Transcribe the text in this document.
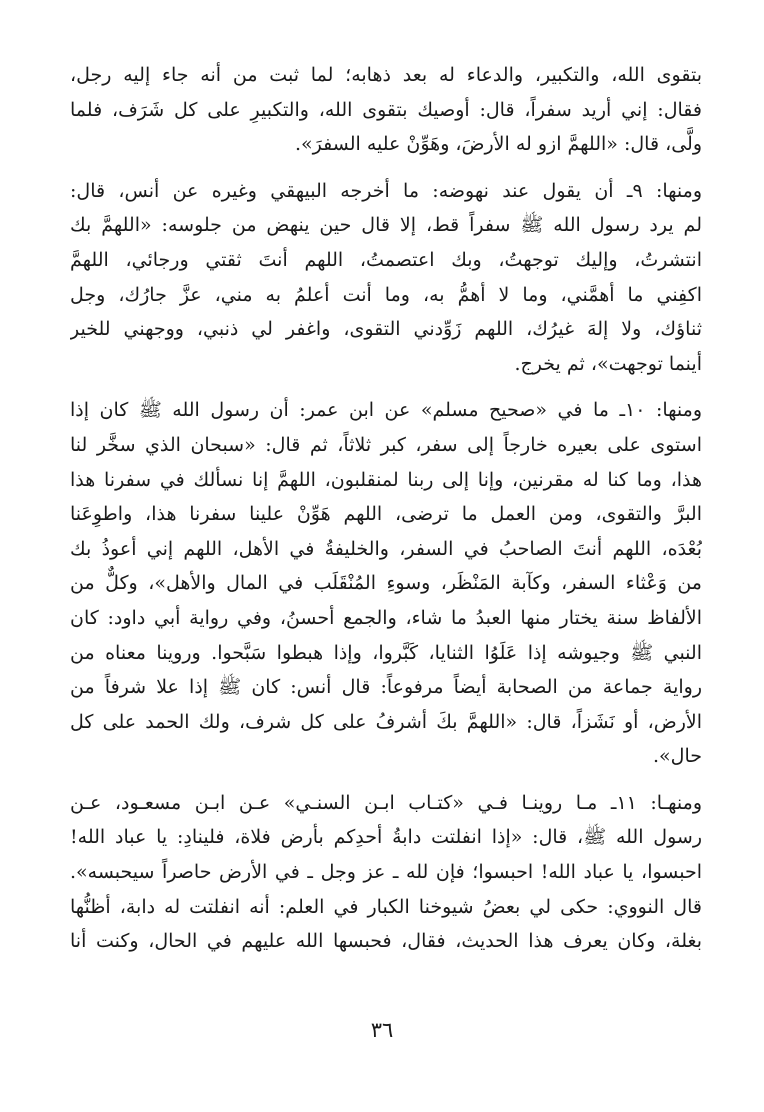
بتقوى الله، والتكبير، والدعاء له بعد ذهابه؛ لما ثبت من أنه جاء إليه رجل،
فقال: إني أريد سفراً، قال: أوصيك بتقوى الله، والتكبيرِ على كل شَرَف، فلما
ولَّى، قال: «اللهمَّ ازو له الأرضَ، وهَوِّنْ عليه السفرَ».

ومنها: ٩ـ أن يقول عند نهوضه: ما أخرجه البيهقي وغيره عن أنس، قال:
لم يرد رسول الله ﷺ سفراً قط، إلا قال حين ينهض من جلوسه: «اللهمَّ بك
انتشرتُ، وإليك توجهتُ، وبك اعتصمتُ، اللهم أنتَ ثقتي ورجائي، اللهمَّ
اكفِني ما أهمَّني، وما لا أهمُّ به، وما أنت أعلمُ به مني، عزَّ جارُك، وجل
ثناؤك، ولا إلهَ غيرُك، اللهم زَوِّدني التقوى، واغفر لي ذنبي، ووجهني للخير
أينما توجهت»، ثم يخرج.

ومنها: ١٠ـ ما في «صحيح مسلم» عن ابن عمر: أن رسول الله ﷺ كان إذا
استوى على بعيره خارجاً إلى سفر، كبر ثلاثاً، ثم قال: «سبحان الذي سخَّر لنا
هذا، وما كنا له مقرنين، وإنا إلى ربنا لمنقلبون، اللهمَّ إنا نسألك في سفرنا هذا
البرَّ والتقوى، ومن العمل ما ترضى، اللهم هَوِّنْ علينا سفرنا هذا، واطوِعَنا
بُعْدَه، اللهم أنتَ الصاحبُ في السفر، والخليفةُ في الأهل، اللهم إني أعوذُ بك
من وَعْثاء السفر، وكآبة المَنْظَر، وسوءِ المُنْقَلَب في المال والأهل»، وكلٌّ من
الألفاظ سنة يختار منها العبدُ ما شاء، والجمع أحسنُ، وفي رواية أبي داود: كان
النبي ﷺ وجيوشه إذا عَلَوُا الثنايا، كَبَّروا، وإذا هبطوا سَبَّحوا. وروينا معناه من
رواية جماعة من الصحابة أيضاً مرفوعاً: قال أنس: كان ﷺ إذا علا شرفاً من
الأرض، أو نَشَزاً، قال: «اللهمَّ بكَ أشرفُ على كل شرف، ولك الحمد على كل
حال».

ومنهـا: ١١ـ مـا روينـا فـي «كتـاب ابـن السنـي» عـن ابـن مسعـود، عـن
رسول الله ﷺ، قال: «إذا انفلتت دابةُ أحدِكم بأرض فلاة، فلينادِ: يا عباد الله!
احبسوا، يا عباد الله! احبسوا؛ فإن لله ـ عز وجل ـ في الأرض حاصراً سيحبسه».
قال النووي: حكى لي بعضُ شيوخنا الكبار في العلم: أنه انفلتت له دابة، أظنُّها
بغلة، وكان يعرف هذا الحديث، فقال، فحبسها الله عليهم في الحال، وكنت أنا

٣٦
